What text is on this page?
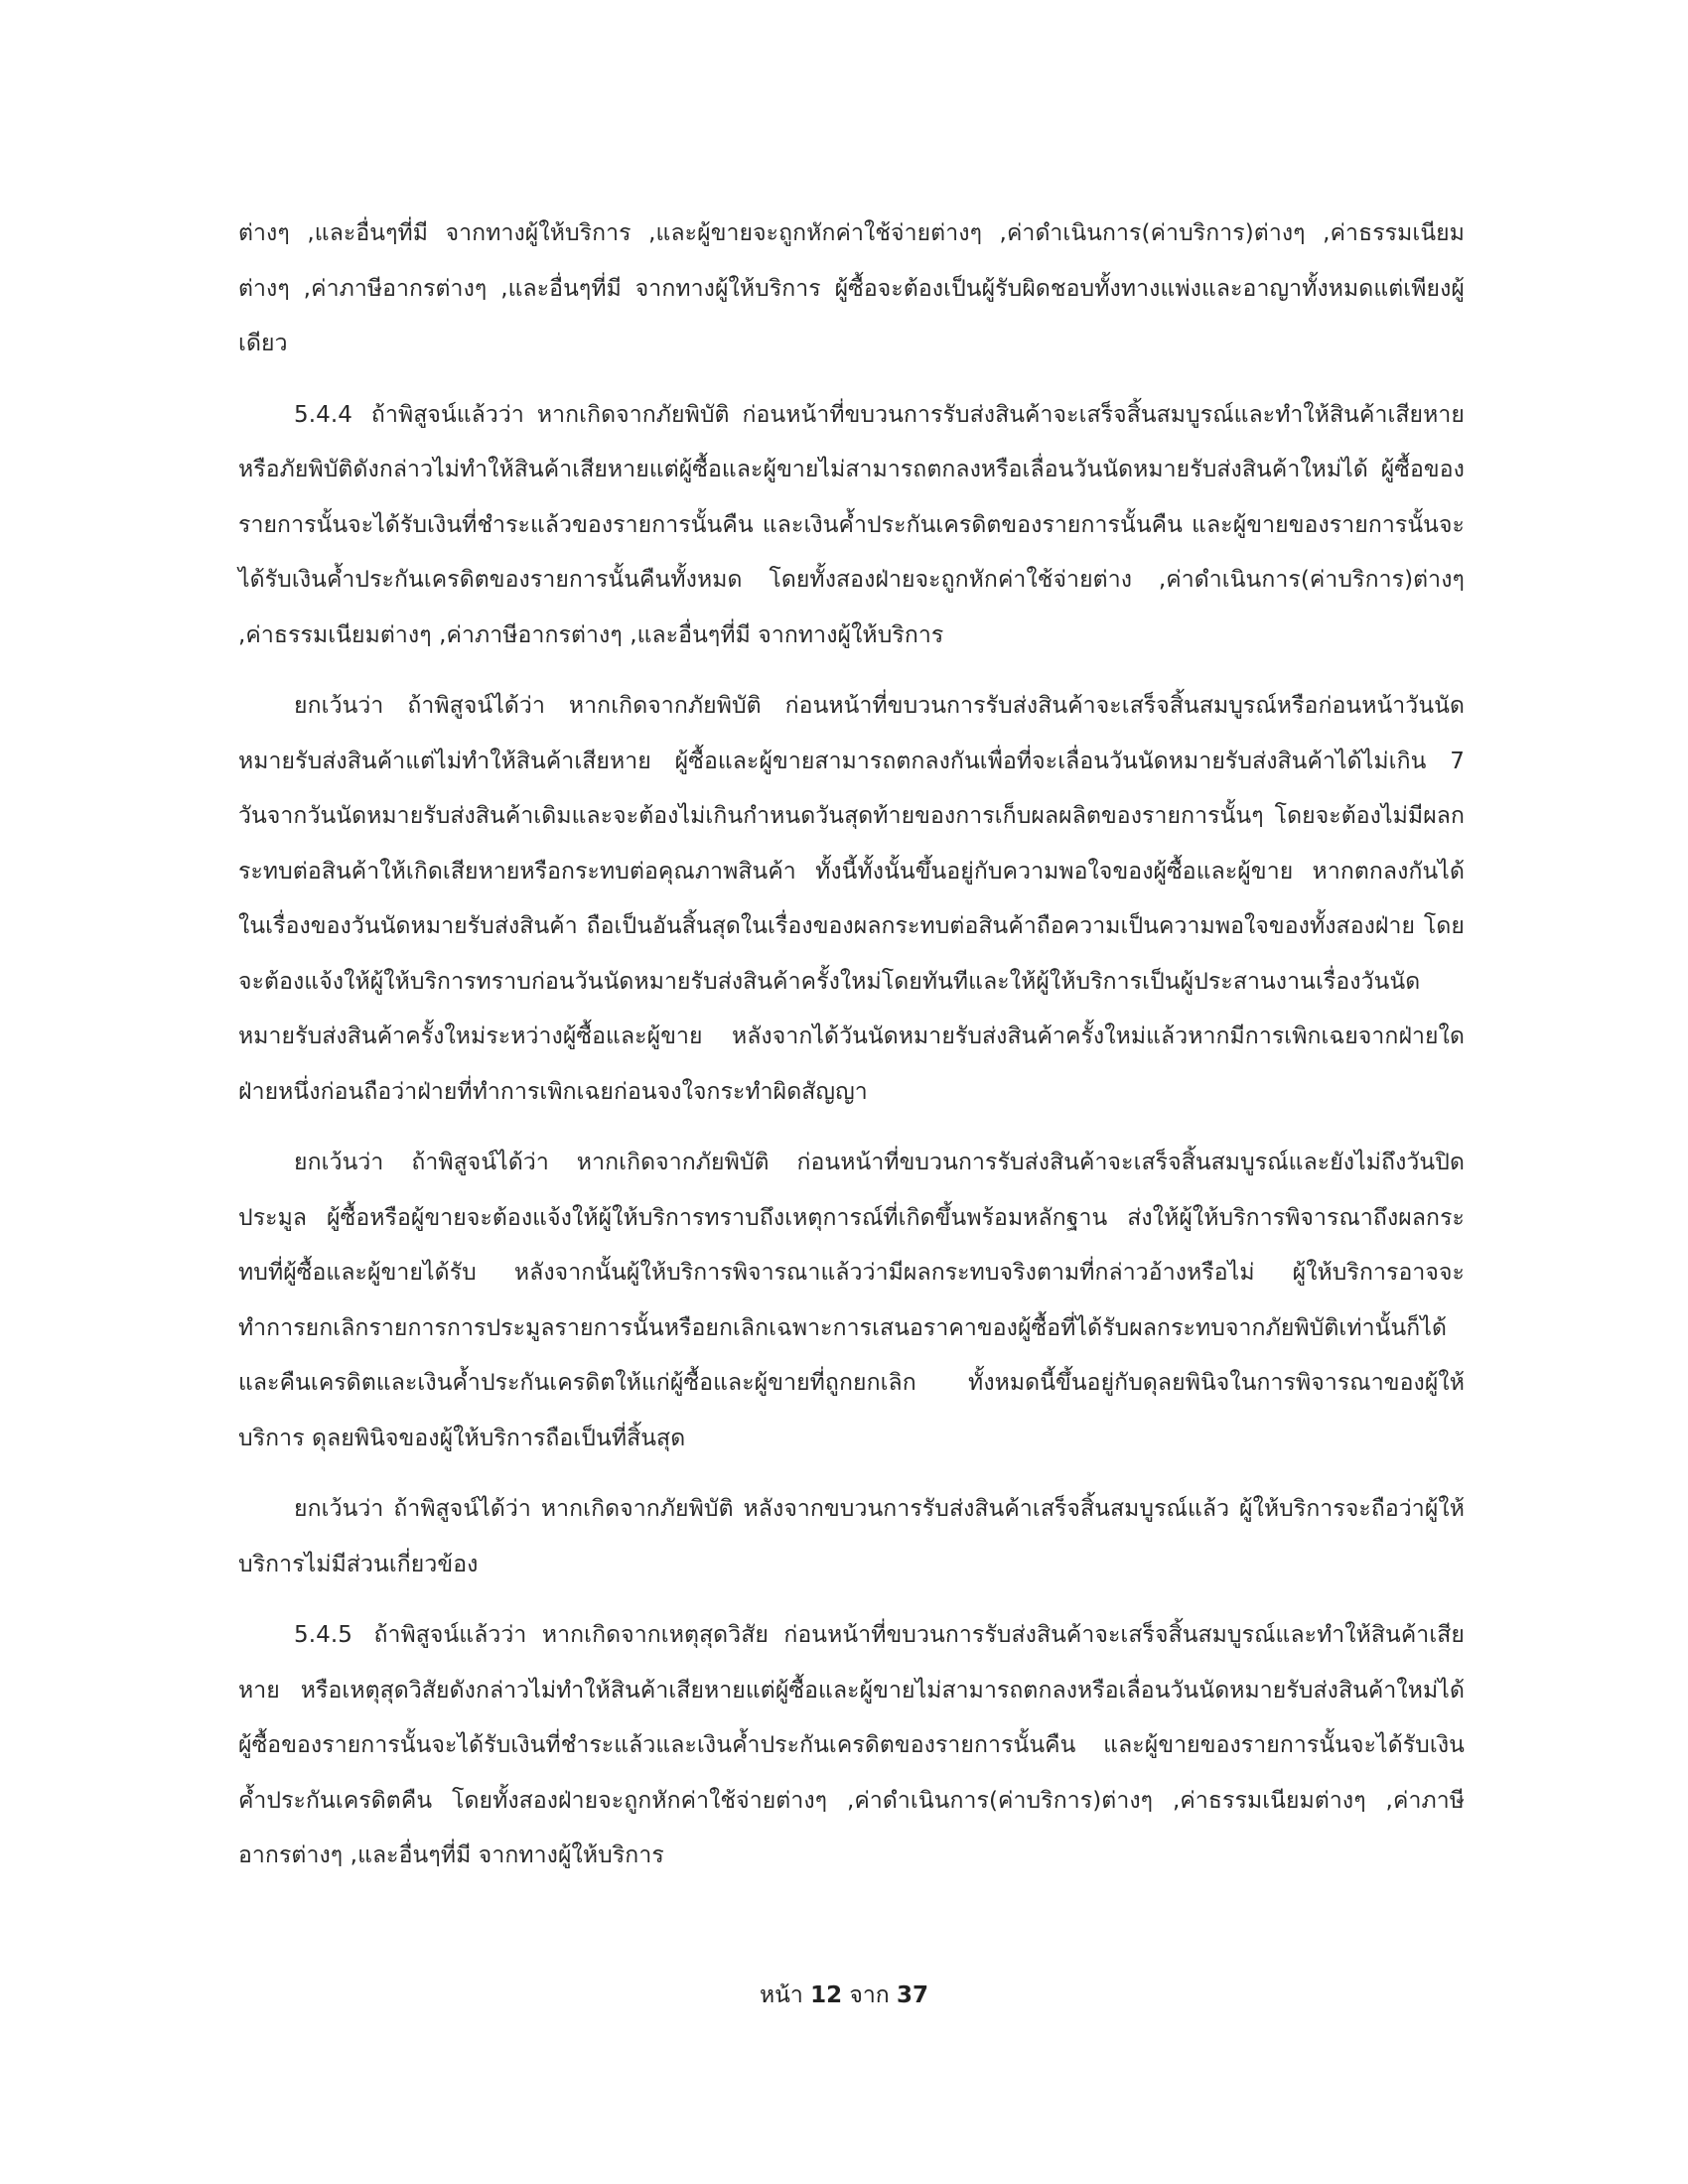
ต่างๆ ,และอื่นๆที่มี จากทางผู้ให้บริการ ,และผู้ขายจะถูกหักค่าใช้จ่ายต่างๆ ,ค่าดำเนินการ(ค่าบริการ)ต่างๆ ,ค่าธรรมเนียมต่างๆ ,ค่าภาษีอากรต่างๆ ,และอื่นๆที่มี จากทางผู้ให้บริการ ผู้ซื้อจะต้องเป็นผู้รับผิดชอบทั้งทางแพ่งและอาญาทั้งหมดแต่เพียงผู้เดียว

5.4.4 ถ้าพิสูจน์แล้วว่า หากเกิดจากภัยพิบัติ ก่อนหน้าที่ขบวนการรับส่งสินค้าจะเสร็จสิ้นสมบูรณ์และทำให้สินค้าเสียหาย หรือภัยพิบัติดังกล่าวไม่ทำให้สินค้าเสียหายแต่ผู้ซื้อและผู้ขายไม่สามารถตกลงหรือเลื่อนวันนัดหมายรับส่งสินค้าใหม่ได้ ผู้ซื้อของรายการนั้นจะได้รับเงินที่ชำระแล้วของรายการนั้นคืน และเงินค้ำประกันเครดิตของรายการนั้นคืน และผู้ขายของรายการนั้นจะได้รับเงินค้ำประกันเครดิตของรายการนั้นคืนทั้งหมด โดยทั้งสองฝ่ายจะถูกหักค่าใช้จ่ายต่าง ,ค่าดำเนินการ(ค่าบริการ)ต่างๆ ,ค่าธรรมเนียมต่างๆ ,ค่าภาษีอากรต่างๆ ,และอื่นๆที่มี จากทางผู้ให้บริการ

ยกเว้นว่า ถ้าพิสูจน์ได้ว่า หากเกิดจากภัยพิบัติ ก่อนหน้าที่ขบวนการรับส่งสินค้าจะเสร็จสิ้นสมบูรณ์หรือก่อนหน้าวันนัดหมายรับส่งสินค้าแต่ไม่ทำให้สินค้าเสียหาย ผู้ซื้อและผู้ขายสามารถตกลงกันเพื่อที่จะเลื่อนวันนัดหมายรับส่งสินค้าได้ไม่เกิน 7 วันจากวันนัดหมายรับส่งสินค้าเดิมและจะต้องไม่เกินกำหนดวันสุดท้ายของการเก็บผลผลิตของรายการนั้นๆ โดยจะต้องไม่มีผลกระทบต่อสินค้าให้เกิดเสียหายหรือกระทบต่อคุณภาพสินค้า ทั้งนี้ทั้งนั้นขึ้นอยู่กับความพอใจของผู้ซื้อและผู้ขาย หากตกลงกันได้ในเรื่องของวันนัดหมายรับส่งสินค้า ถือเป็นอันสิ้นสุดในเรื่องของผลกระทบต่อสินค้าถือความเป็นความพอใจของทั้งสองฝ่าย โดยจะต้องแจ้งให้ผู้ให้บริการทราบก่อนวันนัดหมายรับส่งสินค้าครั้งใหม่โดยทันทีและให้ผู้ให้บริการเป็นผู้ประสานงานเรื่องวันนัดหมายรับส่งสินค้าครั้งใหม่ระหว่างผู้ซื้อและผู้ขาย หลังจากได้วันนัดหมายรับส่งสินค้าครั้งใหม่แล้วหากมีการเพิกเฉยจากฝ่ายใดฝ่ายหนึ่งก่อนถือว่าฝ่ายที่ทำการเพิกเฉยก่อนจงใจกระทำผิดสัญญา

ยกเว้นว่า ถ้าพิสูจน์ได้ว่า หากเกิดจากภัยพิบัติ ก่อนหน้าที่ขบวนการรับส่งสินค้าจะเสร็จสิ้นสมบูรณ์และยังไม่ถึงวันปิดประมูล ผู้ซื้อหรือผู้ขายจะต้องแจ้งให้ผู้ให้บริการทราบถึงเหตุการณ์ที่เกิดขึ้นพร้อมหลักฐาน ส่งให้ผู้ให้บริการพิจารณาถึงผลกระทบที่ผู้ซื้อและผู้ขายได้รับ หลังจากนั้นผู้ให้บริการพิจารณาแล้วว่ามีผลกระทบจริงตามที่กล่าวอ้างหรือไม่ ผู้ให้บริการอาจจะทำการยกเลิกรายการการประมูลรายการนั้นหรือยกเลิกเฉพาะการเสนอราคาของผู้ซื้อที่ได้รับผลกระทบจากภัยพิบัติเท่านั้นก็ได้ และคืนเครดิตและเงินค้ำประกันเครดิตให้แก่ผู้ซื้อและผู้ขายที่ถูกยกเลิก ทั้งหมดนี้ขึ้นอยู่กับดุลยพินิจในการพิจารณาของผู้ให้บริการ ดุลยพินิจของผู้ให้บริการถือเป็นที่สิ้นสุด

ยกเว้นว่า ถ้าพิสูจน์ได้ว่า หากเกิดจากภัยพิบัติ หลังจากขบวนการรับส่งสินค้าเสร็จสิ้นสมบูรณ์แล้ว ผู้ให้บริการจะถือว่าผู้ให้บริการไม่มีส่วนเกี่ยวข้อง

5.4.5 ถ้าพิสูจน์แล้วว่า หากเกิดจากเหตุสุดวิสัย ก่อนหน้าที่ขบวนการรับส่งสินค้าจะเสร็จสิ้นสมบูรณ์และทำให้สินค้าเสียหาย หรือเหตุสุดวิสัยดังกล่าวไม่ทำให้สินค้าเสียหายแต่ผู้ซื้อและผู้ขายไม่สามารถตกลงหรือเลื่อนวันนัดหมายรับส่งสินค้าใหม่ได้ ผู้ซื้อของรายการนั้นจะได้รับเงินที่ชำระแล้วและเงินค้ำประกันเครดิตของรายการนั้นคืน และผู้ขายของรายการนั้นจะได้รับเงินค้ำประกันเครดิตคืน โดยทั้งสองฝ่ายจะถูกหักค่าใช้จ่ายต่างๆ ,ค่าดำเนินการ(ค่าบริการ)ต่างๆ ,ค่าธรรมเนียมต่างๆ ,ค่าภาษีอากรต่างๆ ,และอื่นๆที่มี จากทางผู้ให้บริการ

หน้า 12 จาก 37
